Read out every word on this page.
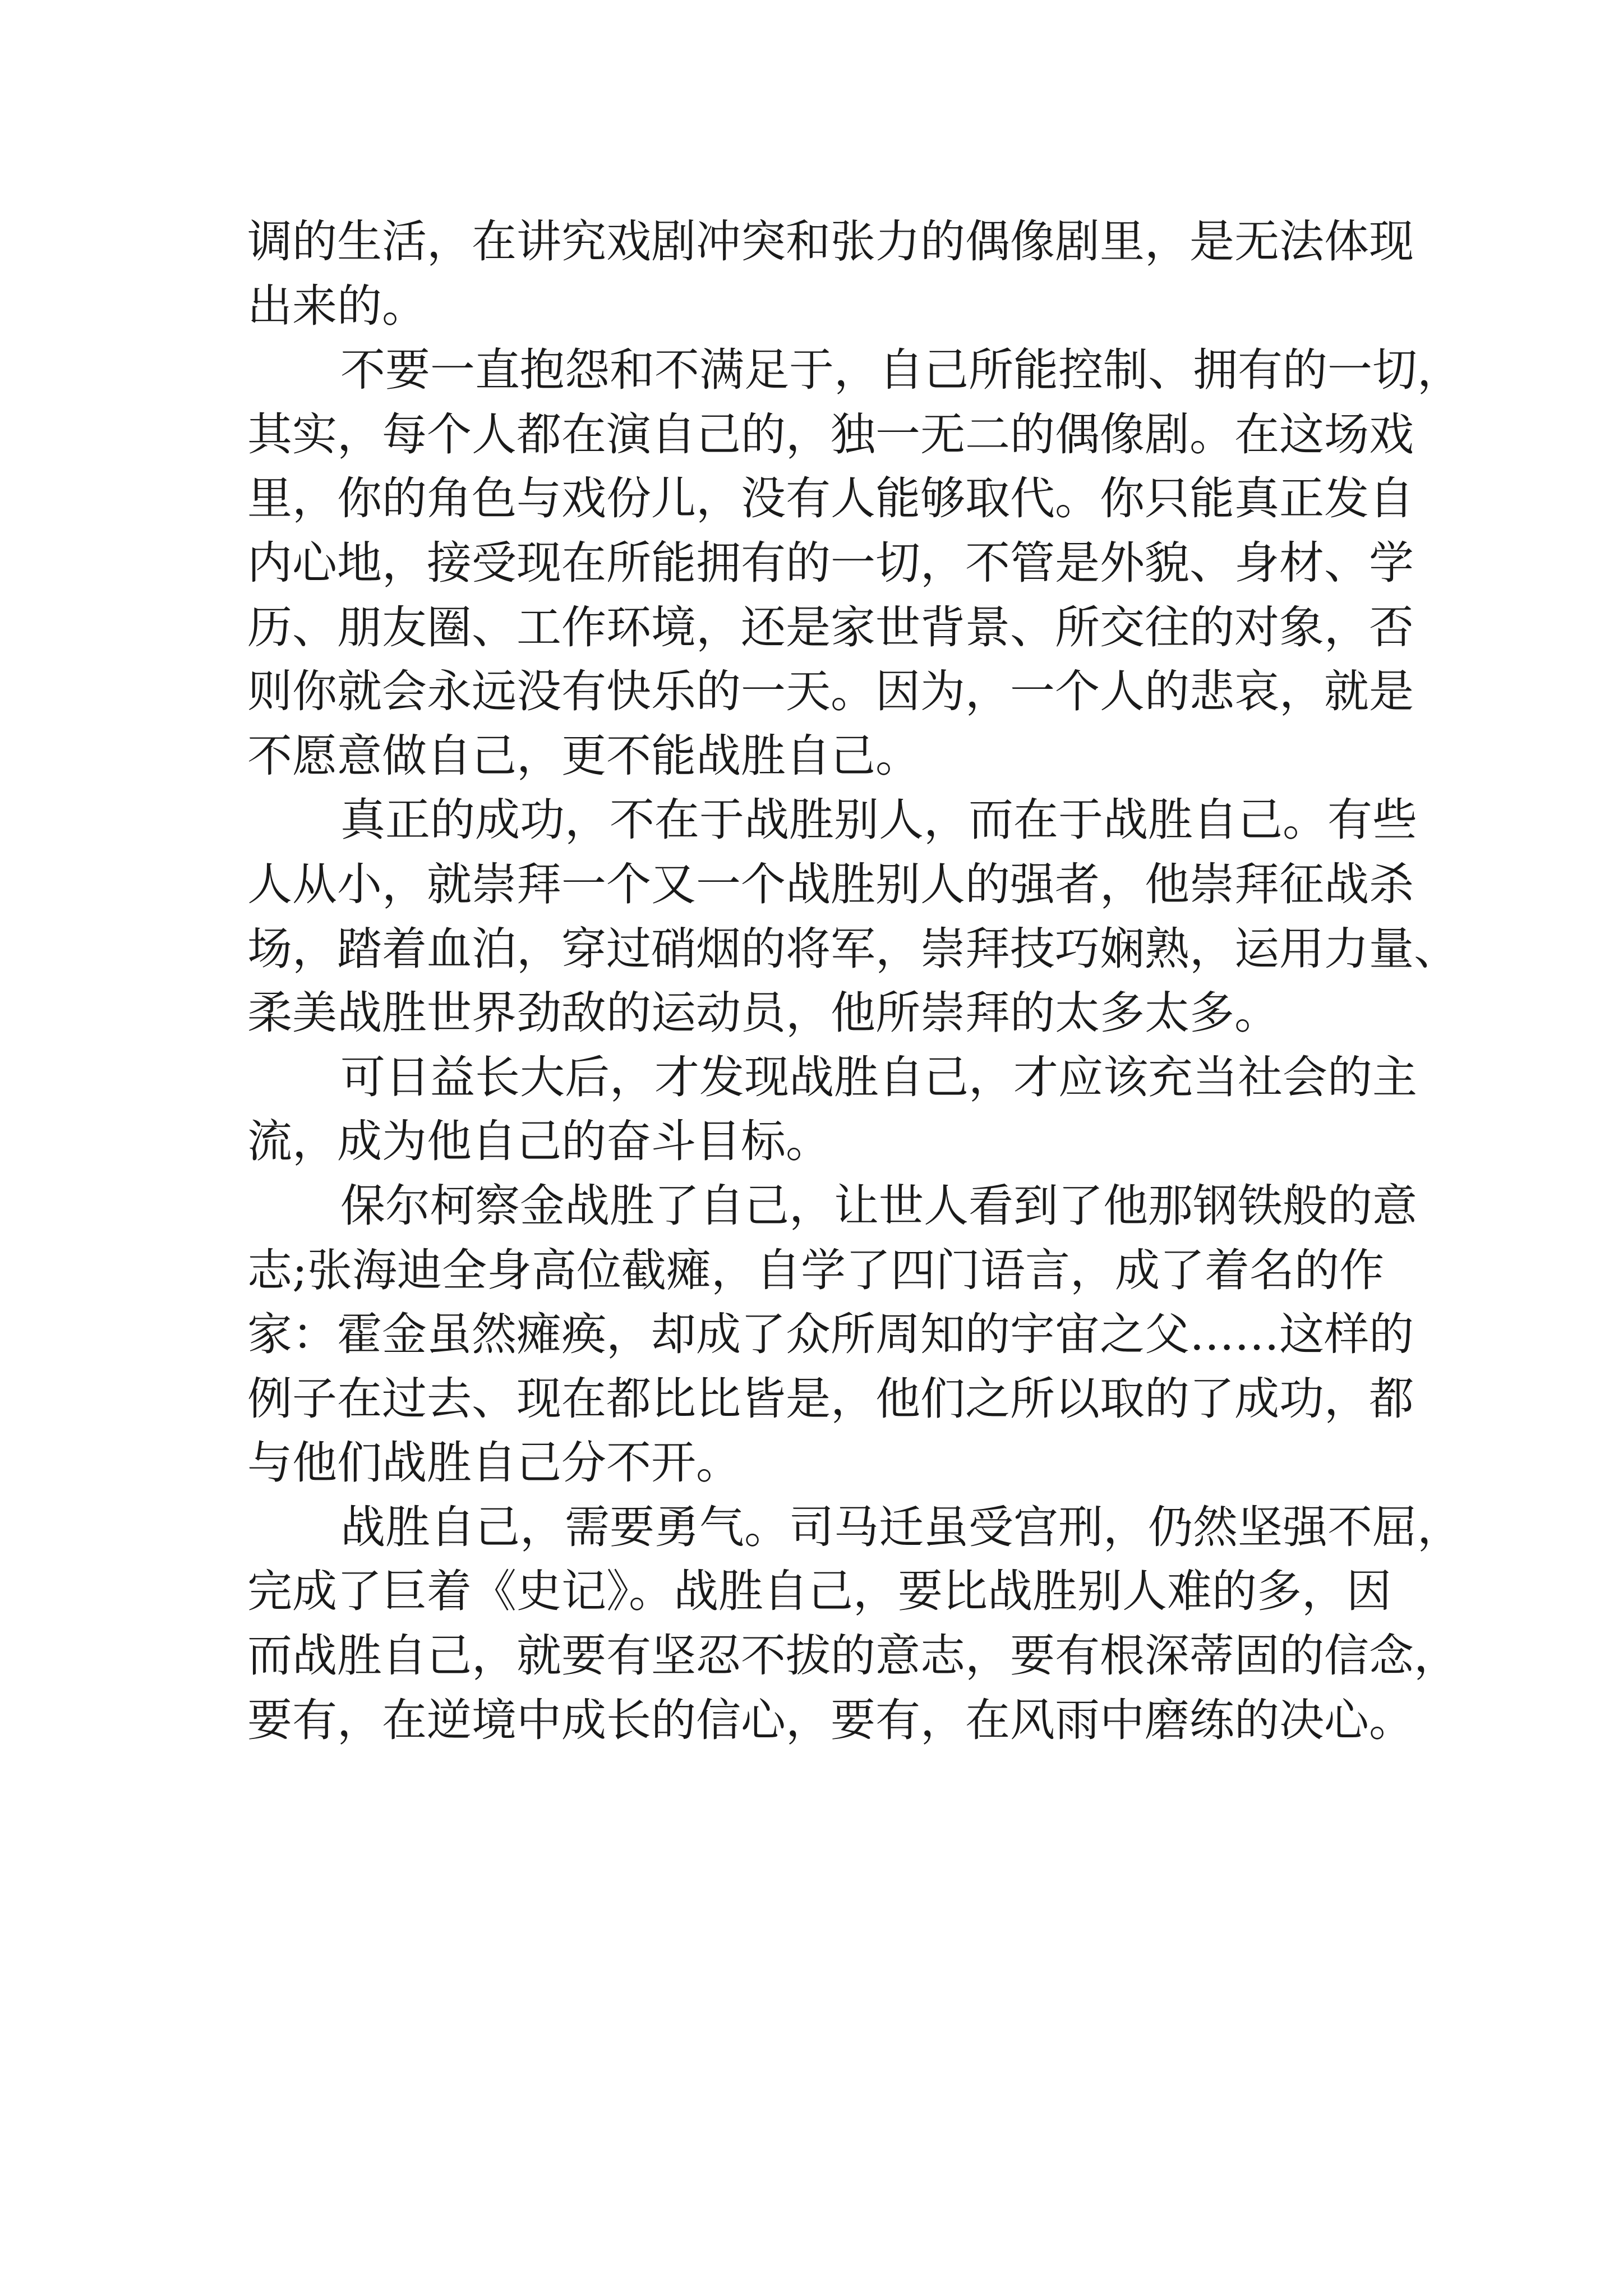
调的生活，在讲究戏剧冲突和张力的偶像剧里，是无法体现
出来的。
不要一直抱怨和不满足于，自己所能控制、拥有的一切，
其实，每个人都在演自己的，独一无二的偶像剧。在这场戏
里，你的角色与戏份儿，没有人能够取代。你只能真正发自
内心地，接受现在所能拥有的一切，不管是外貌、身材、学
历、朋友圈、工作环境，还是家世背景、所交往的对象，否
则你就会永远没有快乐的一天。因为，一个人的悲哀，就是
不愿意做自己，更不能战胜自己。
真正的成功，不在于战胜别人，而在于战胜自己。有些
人从小，就崇拜一个又一个战胜别人的强者，他崇拜征战杀
场，踏着血泊，穿过硝烟的将军，崇拜技巧娴熟，运用力量、
柔美战胜世界劲敌的运动员，他所崇拜的太多太多。
可日益长大后，才发现战胜自己，才应该充当社会的主
流，成为他自己的奋斗目标。
保尔柯察金战胜了自己，让世人看到了他那钢铁般的意
志;张海迪全身高位截瘫，自学了四门语言，成了着名的作
家：霍金虽然瘫痪，却成了众所周知的宇宙之父……这样的
例子在过去、现在都比比皆是，他们之所以取的了成功，都
与他们战胜自己分不开。
战胜自己，需要勇气。司马迁虽受宫刑，仍然坚强不屈，
完成了巨着《史记》。战胜自己，要比战胜别人难的多，因
而战胜自己，就要有坚忍不拔的意志，要有根深蒂固的信念，
要有，在逆境中成长的信心，要有，在风雨中磨练的决心。
